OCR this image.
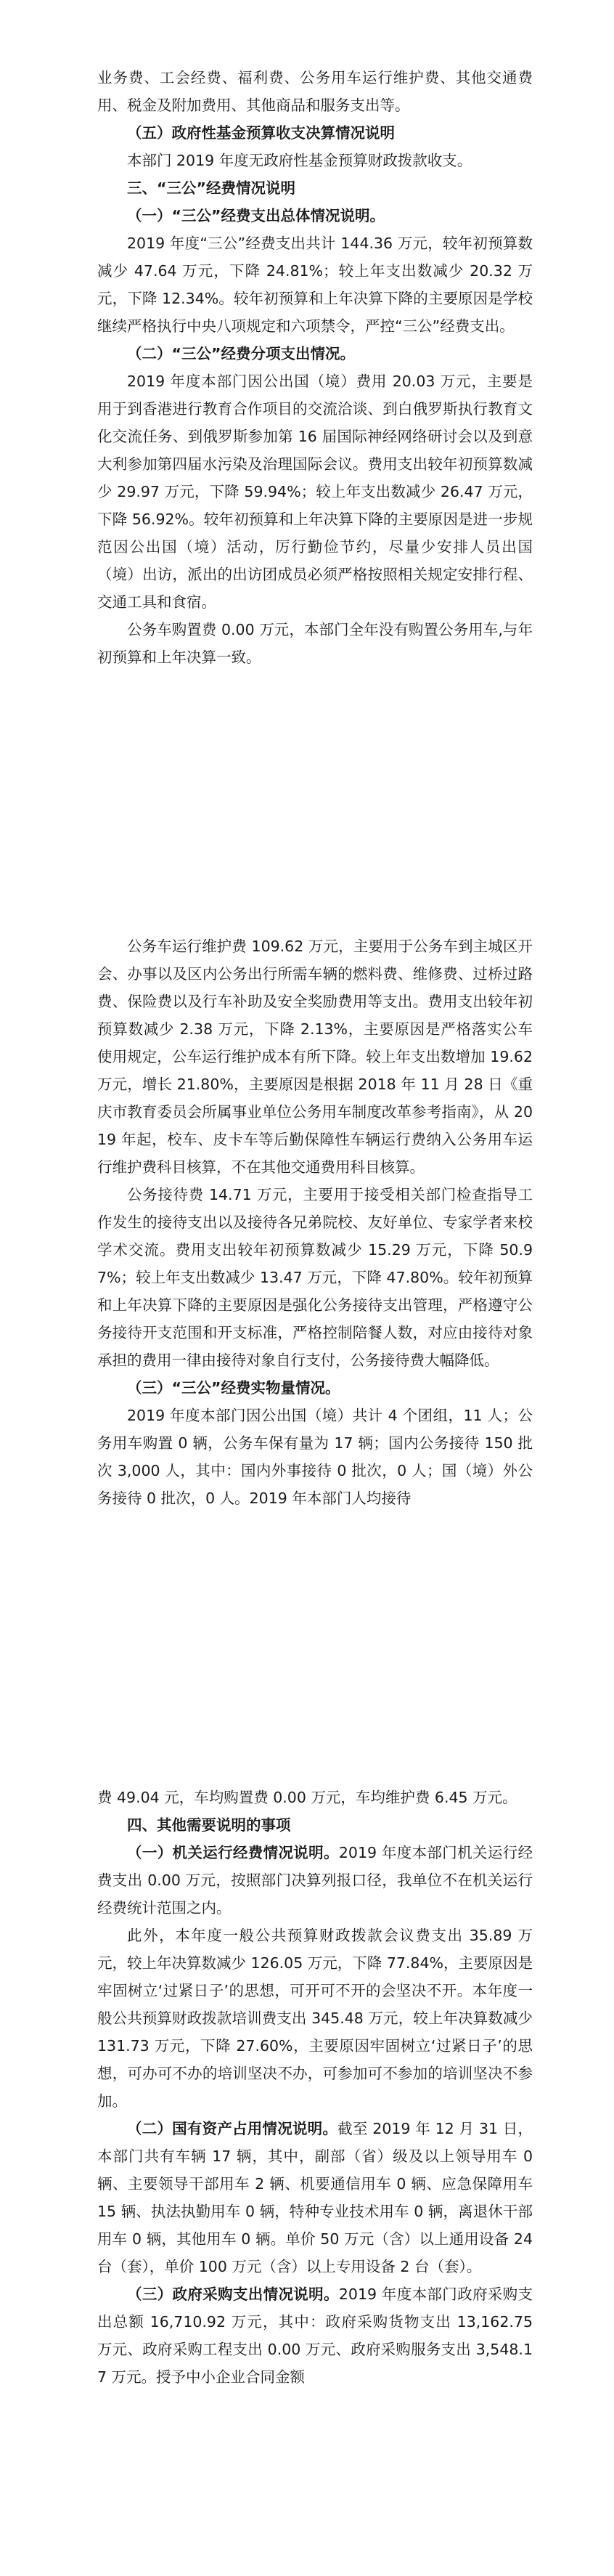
业务费、工会经费、福利费、公务用车运行维护费、其他交通费用、税金及附加费用、其他商品和服务支出等。

（五）政府性基金预算收支决算情况说明

本部门 2019 年度无政府性基金预算财政拨款收支。

三、“三公”经费情况说明

（一）“三公”经费支出总体情况说明。

2019 年度“三公”经费支出共计 144.36 万元，较年初预算数减少 47.64 万元，下降 24.81%；较上年支出数减少 20.32 万元，下降 12.34%。较年初预算和上年决算下降的主要原因是学校继续严格执行中央八项规定和六项禁令，严控“三公”经费支出。

（二）“三公”经费分项支出情况。

2019 年度本部门因公出国（境）费用 20.03 万元，主要是用于到香港进行教育合作项目的交流洽谈、到白俄罗斯执行教育文化交流任务、到俄罗斯参加第 16 届国际神经网络研讨会以及到意大利参加第四届水污染及治理国际会议。费用支出较年初预算数减少 29.97 万元，下降 59.94%；较上年支出数减少 26.47 万元，下降 56.92%。较年初预算和上年决算下降的主要原因是进一步规范因公出国（境）活动，厉行勤俭节约，尽量少安排人员出国（境）出访，派出的出访团成员必须严格按照相关规定安排行程、交通工具和食宿。

公务车购置费 0.00 万元，本部门全年没有购置公务用车,与年初预算和上年决算一致。

公务车运行维护费 109.62 万元，主要用于公务车到主城区开会、办事以及区内公务出行所需车辆的燃料费、维修费、过桥过路费、保险费以及行车补助及安全奖励费用等支出。费用支出较年初预算数减少 2.38 万元，下降 2.13%，主要原因是严格落实公车使用规定，公车运行维护成本有所下降。较上年支出数增加 19.62 万元，增长 21.80%，主要原因是根据 2018 年 11 月 28 日《重庆市教育委员会所属事业单位公务用车制度改革参考指南》，从 2019 年起，校车、皮卡车等后勤保障性车辆运行费纳入公务用车运行维护费科目核算，不在其他交通费用科目核算。

公务接待费 14.71 万元，主要用于接受相关部门检查指导工作发生的接待支出以及接待各兄弟院校、友好单位、专家学者来校学术交流。费用支出较年初预算数减少 15.29 万元，下降 50.97%；较上年支出数减少 13.47 万元，下降 47.80%。较年初预算和上年决算下降的主要原因是强化公务接待支出管理，严格遵守公务接待开支范围和开支标准，严格控制陪餐人数，对应由接待对象承担的费用一律由接待对象自行支付，公务接待费大幅降低。

（三）“三公”经费实物量情况。

2019 年度本部门因公出国（境）共计 4 个团组，11 人；公务用车购置 0 辆，公务车保有量为 17 辆；国内公务接待 150 批次 3,000 人，其中：国内外事接待 0 批次，0 人；国（境）外公务接待 0 批次，0 人。2019 年本部门人均接待

费 49.04 元，车均购置费 0.00 万元，车均维护费 6.45 万元。

四、其他需要说明的事项

（一）机关运行经费情况说明。2019 年度本部门机关运行经费支出 0.00 万元，按照部门决算列报口径，我单位不在机关运行经费统计范围之内。

此外，本年度一般公共预算财政拨款会议费支出 35.89 万元，较上年决算数减少 126.05 万元，下降 77.84%，主要原因是牢固树立‘过紧日子’的思想，可开可不开的会坚决不开。本年度一般公共预算财政拨款培训费支出 345.48 万元，较上年决算数减少 131.73 万元，下降 27.60%，主要原因牢固树立‘过紧日子’的思想，可办可不办的培训坚决不办，可参加可不参加的培训坚决不参加。

（二）国有资产占用情况说明。截至 2019 年 12 月 31 日，本部门共有车辆 17 辆，其中，副部（省）级及以上领导用车 0 辆、主要领导干部用车 2 辆、机要通信用车 0 辆、应急保障用车 15 辆、执法执勤用车 0 辆，特种专业技术用车 0 辆，离退休干部用车 0 辆，其他用车 0 辆。单价 50 万元（含）以上通用设备 24 台（套），单价 100 万元（含）以上专用设备 2 台（套）。

（三）政府采购支出情况说明。2019 年度本部门政府采购支出总额 16,710.92 万元，其中：政府采购货物支出 13,162.75 万元、政府采购工程支出 0.00 万元、政府采购服务支出 3,548.17 万元。授予中小企业合同金额
